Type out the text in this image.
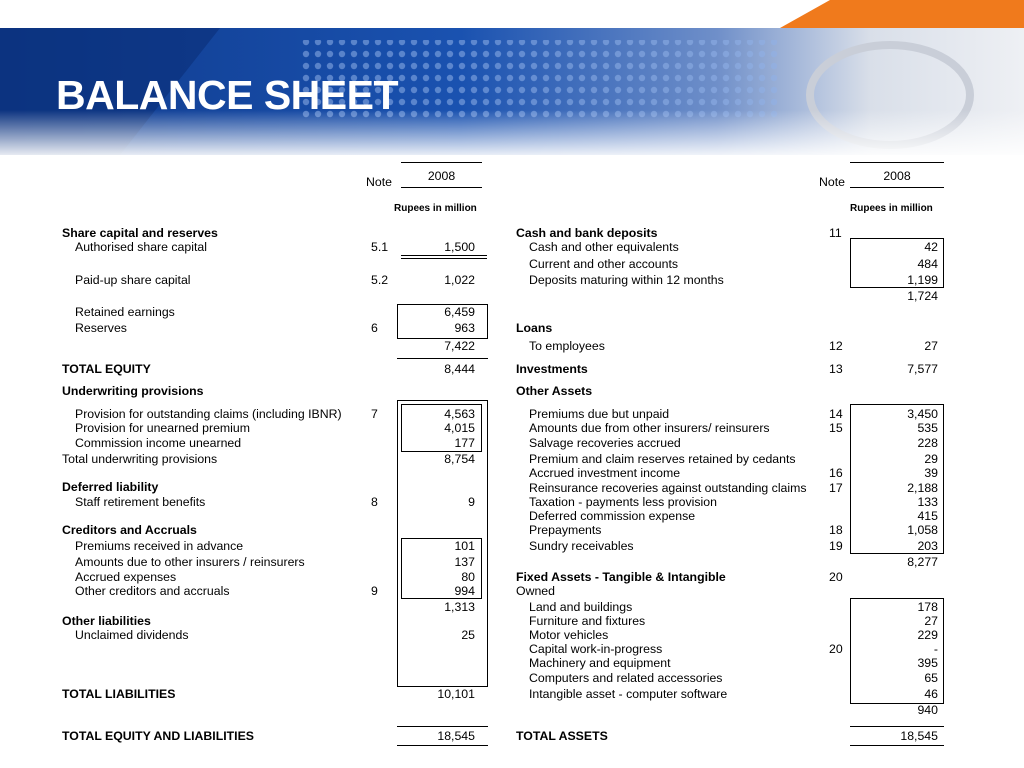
BALANCE SHEET
Note	2008
Rupees in million
Note	2008
Rupees in million
Share capital and reserves
Authorised share capital	5.1	1,500
Paid-up share capital	5.2	1,022
Retained earnings	6,459
Reserves	6	963
7,422
TOTAL EQUITY	8,444
Underwriting provisions
Provision for outstanding claims (including IBNR)	7	4,563
Provision for unearned premium	4,015
Commission income unearned	177
Total underwriting provisions	8,754
Deferred liability
Staff retirement benefits	8	9
Creditors and Accruals
Premiums received in advance	101
Amounts due to other insurers / reinsurers	137
Accrued expenses	80
Other creditors and accruals	9	994
1,313
Other liabilities
Unclaimed dividends	25
TOTAL LIABILITIES	10,101
TOTAL EQUITY AND LIABILITIES	18,545
Cash and bank deposits	11
Cash and other equivalents	42
Current and other accounts	484
Deposits maturing within 12 months	1,199
1,724
Loans
To employees	12	27
Investments	13	7,577
Other Assets
Premiums due but unpaid	14	3,450
Amounts due from other insurers/ reinsurers	15	535
Salvage recoveries accrued	228
Premium and claim reserves retained by cedants	29
Accrued investment income	16	39
Reinsurance recoveries against outstanding claims	17	2,188
Taxation - payments less provision	133
Deferred commission expense	415
Prepayments	18	1,058
Sundry receivables	19	203
8,277
Fixed Assets - Tangible & Intangible	20
Owned
Land and buildings	178
Furniture and fixtures	27
Motor vehicles	229
Capital work-in-progress	20	-
Machinery and equipment	395
Computers and related accessories	65
Intangible asset - computer software	46
940
TOTAL ASSETS	18,545
